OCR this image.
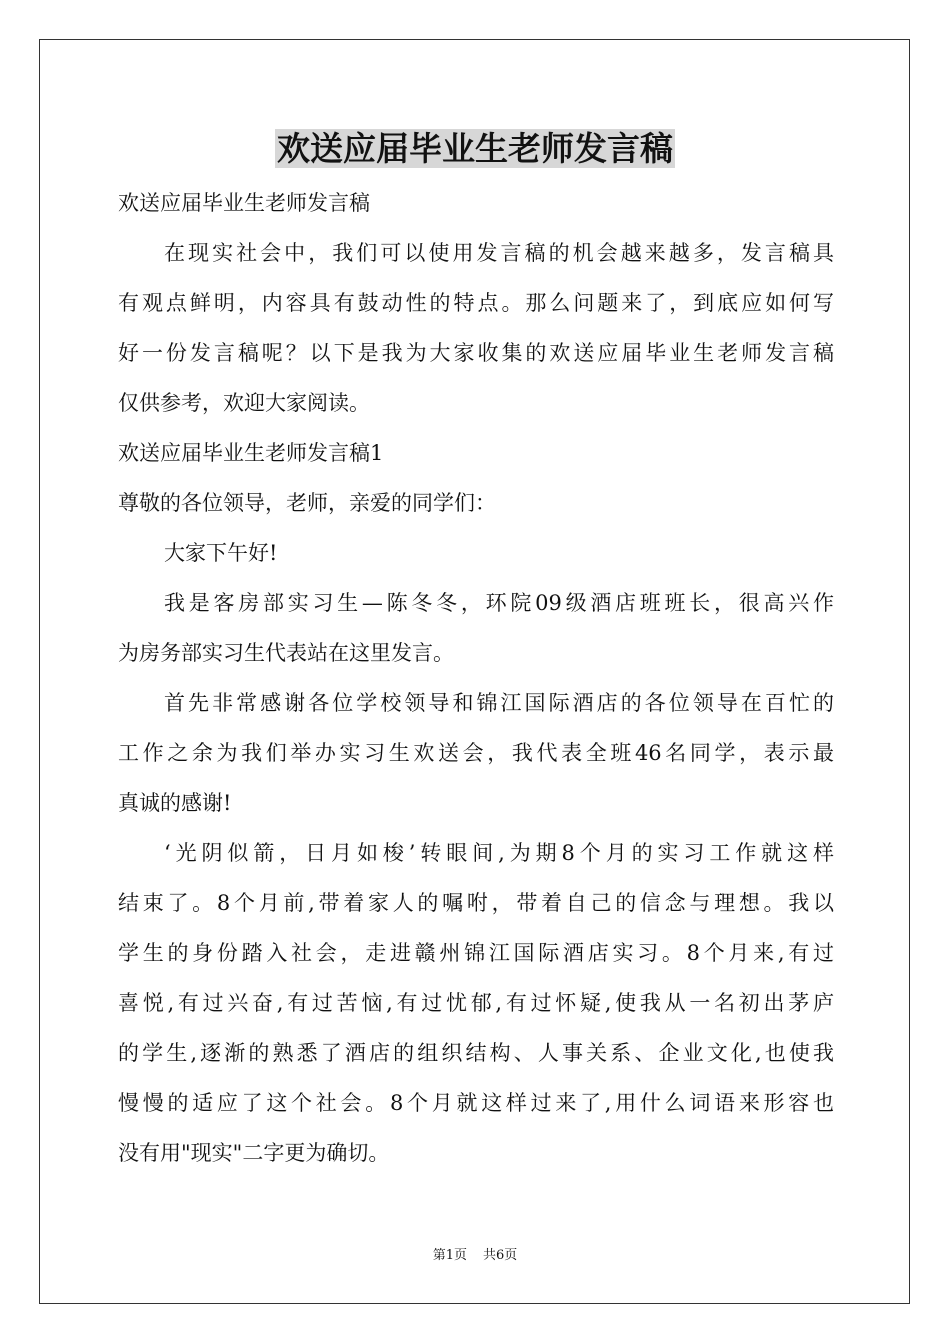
欢送应届毕业生老师发言稿
欢送应届毕业生老师发言稿
在现实社会中，我们可以使用发言稿的机会越来越多，发言稿具
有观点鲜明，内容具有鼓动性的特点。那么问题来了，到底应如何写
好一份发言稿呢？以下是我为大家收集的欢送应届毕业生老师发言稿
仅供参考，欢迎大家阅读。
欢送应届毕业生老师发言稿1
尊敬的各位领导，老师，亲爱的同学们：
大家下午好!
我是客房部实习生—陈冬冬，环院09级酒店班班长，很高兴作
为房务部实习生代表站在这里发言。
首先非常感谢各位学校领导和锦江国际酒店的各位领导在百忙的
工作之余为我们举办实习生欢送会，我代表全班46名同学，表示最
真诚的感谢!
‘光阴似箭，日月如梭’转眼间,为期8个月的实习工作就这样
结束了。8个月前,带着家人的嘱咐，带着自己的信念与理想。我以
学生的身份踏入社会，走进赣州锦江国际酒店实习。8个月来,有过
喜悦,有过兴奋,有过苦恼,有过忧郁,有过怀疑,使我从一名初出茅庐
的学生,逐渐的熟悉了酒店的组织结构、人事关系、企业文化,也使我
慢慢的适应了这个社会。8个月就这样过来了,用什么词语来形容也
没有用"现实"二字更为确切。
第1页 共6页
